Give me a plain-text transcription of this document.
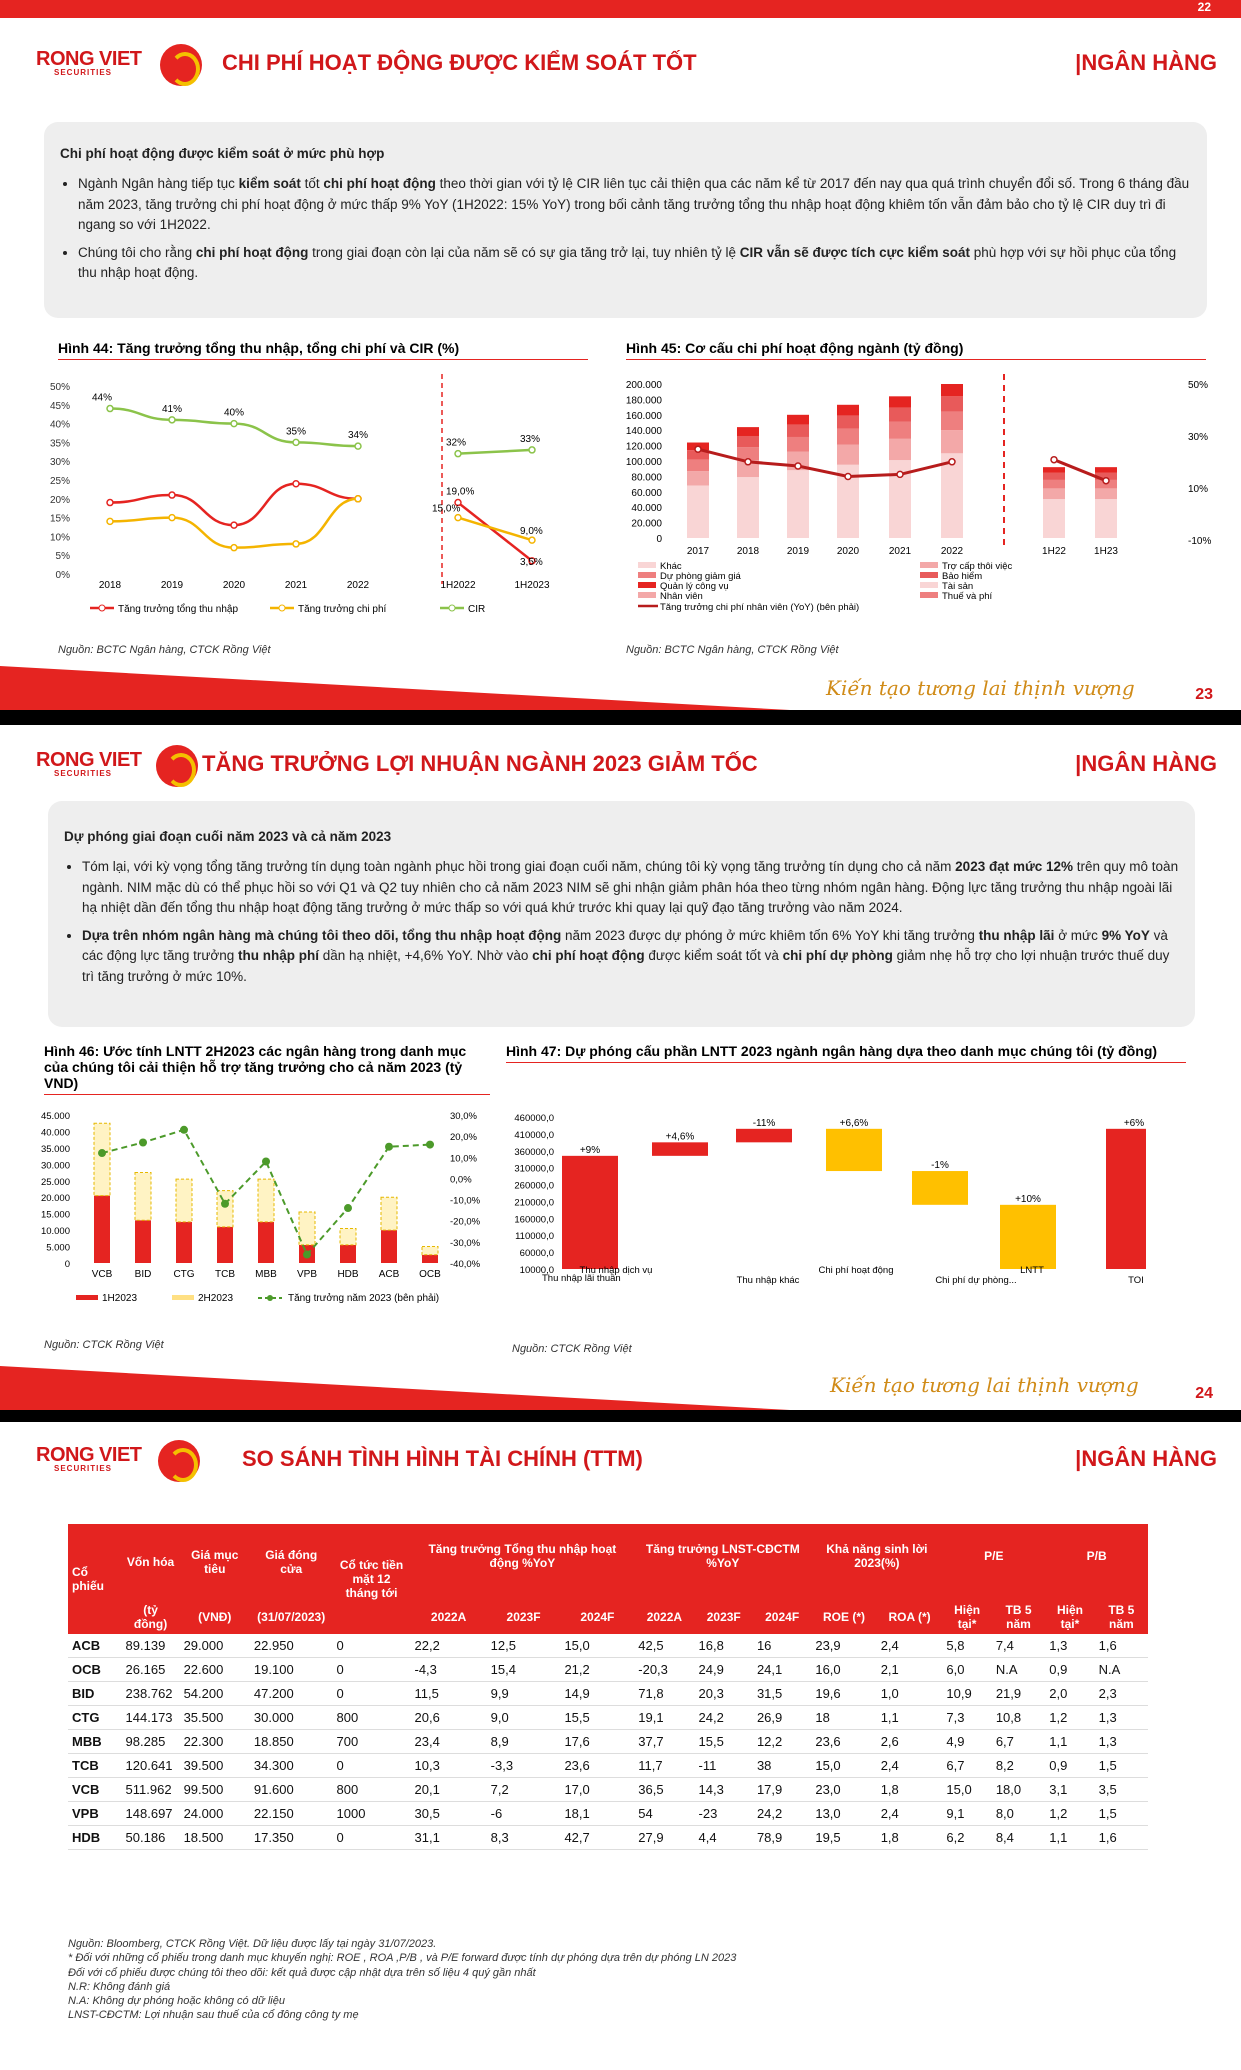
22
RONG VIET
SECURITIES	CHI PHÍ HOẠT ĐỘNG ĐƯỢC KIỂM SOÁT TỐT	|NGÂN HÀNG
Chi phí hoạt động được kiểm soát ở mức phù hợp
• Ngành Ngân hàng tiếp tục kiểm soát tốt chi phí hoạt động theo thời gian với tỷ lệ CIR liên tục cải thiện qua các năm kể từ 2017 đến nay qua quá trình chuyển đổi số. Trong 6 tháng đầu năm 2023, tăng trưởng chi phí hoạt động ở mức thấp 9% YoY (1H2022: 15% YoY) trong bối cảnh tăng trưởng tổng thu nhập hoạt động khiêm tốn vẫn đảm bảo cho tỷ lệ CIR duy trì đi ngang so với 1H2022.
• Chúng tôi cho rằng chi phí hoạt động trong giai đoạn còn lại của năm sẽ có sự gia tăng trở lại, tuy nhiên tỷ lệ CIR vẫn sẽ được tích cực kiểm soát phù hợp với sự hồi phục của tổng thu nhập hoạt động.
Hình 44: Tăng trưởng tổng thu nhập, tổng chi phí và CIR (%)	Hình 45: Cơ cấu chi phí hoạt động ngành (tỷ đồng)
50%
45%
40%
35%
30%
25%
20%
15%
10%
5%
0%
2018	2019	2020	2021	2022	1H2022	1H2023
44%
41%	40%
35%	34%
32%	33%
19,0%
3,5%
15,0%
9,0%
Tăng trưởng tổng thu nhập	Tăng trưởng chi phí	CIR
200.000
180.000
160.000
140.000
120.000
100.000
80.000
60.000
40.000
20.000
0
50%
30%
10%
-10%
2017	2018	2019	2020	2021	2022	1H22	1H23
Khác	Trợ cấp thôi việc
Dự phòng giảm giá	Bảo hiểm
Quản lý công vụ	Tài sản
Nhân viên	Thuế và phí
Tăng trưởng chi phí nhân viên (YoY) (bên phải)
Nguồn: BCTC Ngân hàng, CTCK Rồng Việt	Nguồn: BCTC Ngân hàng, CTCK Rồng Việt
Kiến tạo tương lai thịnh vượng	23
RONG VIET
SECURITIES	TĂNG TRƯỞNG LỢI NHUẬN NGÀNH 2023 GIẢM TỐC	|NGÂN HÀNG
Dự phóng giai đoạn cuối năm 2023 và cả năm 2023
• Tóm lại, với kỳ vọng tổng tăng trưởng tín dụng toàn ngành phục hồi trong giai đoạn cuối năm, chúng tôi kỳ vọng tăng trưởng tín dụng cho cả năm 2023 đạt mức 12% trên quy mô toàn ngành. NIM mặc dù có thể phục hồi so với Q1 và Q2 tuy nhiên cho cả năm 2023 NIM sẽ ghi nhận giảm phân hóa theo từng nhóm ngân hàng. Động lực tăng trưởng thu nhập ngoài lãi hạ nhiệt dần đến tổng thu nhập hoạt động tăng trưởng ở mức thấp so với quá khứ trước khi quay lại quỹ đạo tăng trưởng vào năm 2024.
• Dựa trên nhóm ngân hàng mà chúng tôi theo dõi, tổng thu nhập hoạt động năm 2023 được dự phóng ở mức khiêm tốn 6% YoY khi tăng trưởng thu nhập lãi ở mức 9% YoY và các động lực tăng trưởng thu nhập phí dần hạ nhiệt, +4,6% YoY. Nhờ vào chi phí hoạt động được kiểm soát tốt và chi phí dự phòng giảm nhẹ hỗ trợ cho lợi nhuận trước thuế duy trì tăng trưởng ở mức 10%.
Hình 46: Ước tính LNTT 2H2023 các ngân hàng trong danh mục của chúng tôi cải thiện hỗ trợ tăng trưởng cho cả năm 2023 (tỷ VND)
Hình 47: Dự phóng cấu phần LNTT 2023 ngành ngân hàng dựa theo danh mục chúng tôi (tỷ đồng)
45.000
40.000
35.000
30.000
25.000
20.000
15.000
10.000
5.000
0
30,0%
20,0%
10,0%
0,0%
-10,0%
-20,0%
-30,0%
-40,0%
VCB BID CTG TCB MBB VPB HDB ACB OCB
1H2023	2H2023	Tăng trưởng năm 2023 (bên phải)
460000,0
410000,0
360000,0
310000,0
260000,0
210000,0
160000,0
110000,0
60000,0
10000,0
+9%
+4,6%
-11%	+6,6%
-1%
+10%
+6%
Thu nhập lãi thuần
Thu nhập dịch vụ
Thu nhập khác
Chi phí hoạt động
Chi phí dự phòng...
LNTT
TOI
Nguồn: CTCK Rồng Việt	Nguồn: CTCK Rồng Việt
Kiến tạo tương lai thịnh vượng	24
RONG VIET
SECURITIES	SO SÁNH TÌNH HÌNH TÀI CHÍNH (TTM)	|NGÂN HÀNG
Cổ phiếu	Vốn hóa	Giá mục tiêu	Giá đóng cửa	Cổ tức tiền mặt 12 tháng tới	Tăng trưởng Tổng thu nhập hoạt động %YoY			Tăng trưởng LNST-CĐCTM %YoY			Khả năng sinh lời 2023(%)		P/E		P/B	

	(tỷ đồng)	(VNĐ)	(31/07/2023)		2022A	2023F	2024F	2022A	2023F	2024F	ROE (*)	ROA (*)	Hiện tại*	TB 5 năm	Hiện tại*	TB 5 năm
ACB	89.139	29.000	22.950	0	22,2	12,5	15,0	42,5	16,8	16	23,9	2,4	5,8	7,4	1,3	1,6
OCB	26.165	22.600	19.100	0	-4,3	15,4	21,2	-20,3	24,9	24,1	16,0	2,1	6,0	N.A	0,9	N.A
BID	238.762	54.200	47.200	0	11,5	9,9	14,9	71,8	20,3	31,5	19,6	1,0	10,9	21,9	2,0	2,3
CTG	144.173	35.500	30.000	800	20,6	9,0	15,5	19,1	24,2	26,9	18	1,1	7,3	10,8	1,2	1,3
MBB	98.285	22.300	18.850	700	23,4	8,9	17,6	37,7	15,5	12,2	23,6	2,6	4,9	6,7	1,1	1,3
TCB	120.641	39.500	34.300	0	10,3	-3,3	23,6	11,7	-11	38	15,0	2,4	6,7	8,2	0,9	1,5
VCB	511.962	99.500	91.600	800	20,1	7,2	17,0	36,5	14,3	17,9	23,0	1,8	15,0	18,0	3,1	3,5
VPB	148.697	24.000	22.150	1000	30,5	-6	18,1	54	-23	24,2	13,0	2,4	9,1	8,0	1,2	1,5
HDB	50.186	18.500	17.350	0	31,1	8,3	42,7	27,9	4,4	78,9	19,5	1,8	6,2	8,4	1,1	1,6
Nguồn: Bloomberg, CTCK Rồng Việt. Dữ liệu được lấy tại ngày 31/07/2023.
* Đối với những cổ phiếu trong danh mục khuyến nghị: ROE , ROA ,P/B , và P/E forward được tính dự phóng dựa trên dự phóng LN 2023
Đối với cổ phiếu được chúng tôi theo dõi: kết quả được cập nhật dựa trên số liệu 4 quý gần nhất
N.R: Không đánh giá
N.A: Không dự phóng hoặc không có dữ liệu
LNST-CĐCTM: Lợi nhuận sau thuế của cổ đông công ty mẹ
